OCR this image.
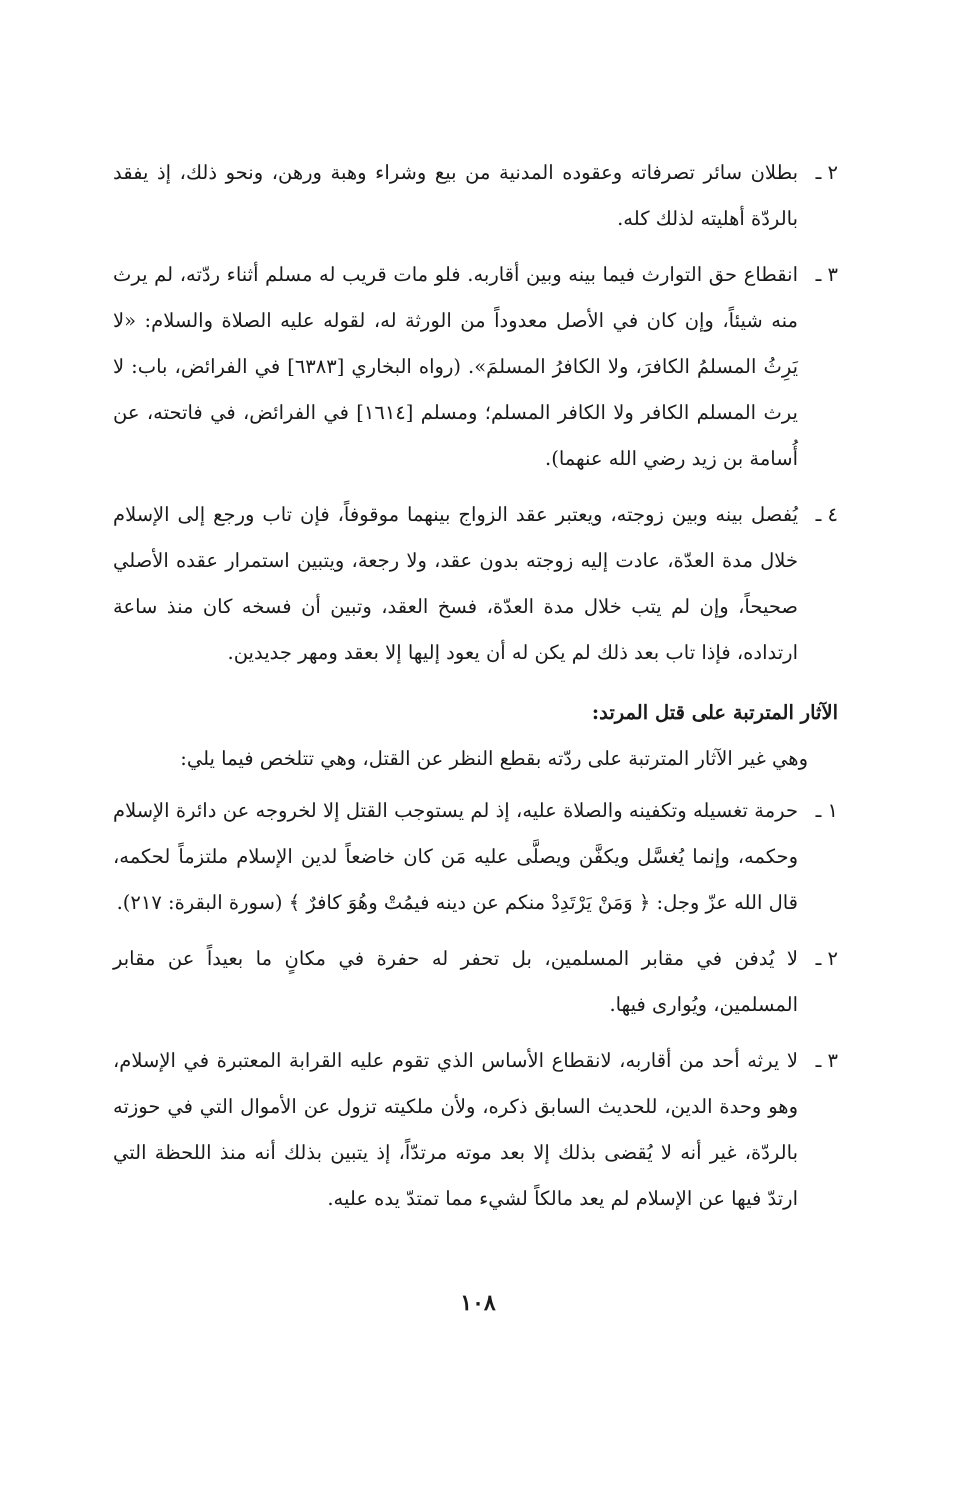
٢ ـ
بطلان سائر تصرفاته وعقوده المدنية من بيع وشراء وهبة ورهن، ونحو ذلك، إذ يفقد بالردّة أهليته لذلك كله.
٣ ـ
انقطاع حق التوارث فيما بينه وبين أقاربه. فلو مات قريب له مسلم أثناء ردّته، لم يرث منه شيئاً، وإن كان في الأصل معدوداً من الورثة له، لقوله عليه الصلاة والسلام: «لا يَرِثُ المسلمُ الكافرَ، ولا الكافرُ المسلمَ». (رواه البخاري [٦٣٨٣] في الفرائض، باب: لا يرث المسلم الكافر ولا الكافر المسلم؛ ومسلم [١٦١٤] في الفرائض، في فاتحته، عن أُسامة بن زيد رضي الله عنهما).
٤ ـ
يُفصل بينه وبين زوجته، ويعتبر عقد الزواج بينهما موقوفاً، فإن تاب ورجع إلى الإسلام خلال مدة العدّة، عادت إليه زوجته بدون عقد، ولا رجعة، ويتبين استمرار عقده الأصلي صحيحاً، وإن لم يتب خلال مدة العدّة، فسخ العقد، وتبين أن فسخه كان منذ ساعة ارتداده، فإذا تاب بعد ذلك لم يكن له أن يعود إليها إلا بعقد ومهر جديدين.
الآثار المترتبة على قتل المرتد:
وهي غير الآثار المترتبة على ردّته بقطع النظر عن القتل، وهي تتلخص فيما يلي:
١ ـ
حرمة تغسيله وتكفينه والصلاة عليه، إذ لم يستوجب القتل إلا لخروجه عن دائرة الإسلام وحكمه، وإنما يُغسَّل ويكفَّن ويصلَّى عليه مَن كان خاضعاً لدين الإسلام ملتزماً لحكمه، قال الله عزّ وجل: ﴿ وَمَنْ يَرْتَدِدْ منكم عن دينه فيمُتْ وهُوَ كافرٌ ﴾ (سورة البقرة: ٢١٧).
٢ ـ
لا يُدفن في مقابر المسلمين، بل تحفر له حفرة في مكانٍ ما بعيداً عن مقابر المسلمين، ويُوارى فيها.
٣ ـ
لا يرثه أحد من أقاربه، لانقطاع الأساس الذي تقوم عليه القرابة المعتبرة في الإسلام، وهو وحدة الدين، للحديث السابق ذكره، ولأن ملكيته تزول عن الأموال التي في حوزته بالردّة، غير أنه لا يُقضى بذلك إلا بعد موته مرتدّاً، إذ يتبين بذلك أنه منذ اللحظة التي ارتدّ فيها عن الإسلام لم يعد مالكاً لشيء مما تمتدّ يده عليه.
١٠٨
